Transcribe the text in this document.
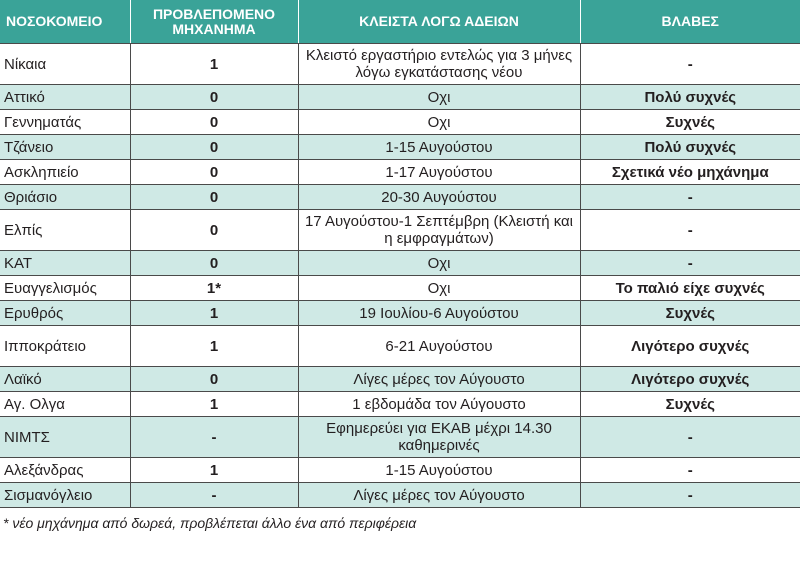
ΝΟΣΟΚΟΜΕΙΟ	ΠΡΟΒΛΕΠΟΜΕΝΟ ΜΗΧΑΝΗΜΑ	ΚΛΕΙΣΤΑ ΛΟΓΩ ΑΔΕΙΩΝ	ΒΛΑΒΕΣ
Νίκαια	1	Κλειστό εργαστήριο εντελώς για 3 μήνες λόγω εγκατάστασης νέου	-
Αττικό	0	Οχι	Πολύ συχνές
Γεννηματάς	0	Οχι	Συχνές
Τζάνειο	0	1-15 Αυγούστου	Πολύ συχνές
Ασκληπιείο	0	1-17 Αυγούστου	Σχετικά νέο μηχάνημα
Θριάσιο	0	20-30 Αυγούστου	-
Ελπίς	0	17 Αυγούστου-1 Σεπτέμβρη (Κλειστή και η εμφραγμάτων)	-
ΚΑΤ	0	Οχι	-
Ευαγγελισμός	1*	Οχι	Το παλιό είχε συχνές
Ερυθρός	1	19 Ιουλίου-6 Αυγούστου	Συχνές
Ιπποκράτειο	1	6-21 Αυγούστου	Λιγότερο συχνές
Λαϊκό	0	Λίγες μέρες τον Αύγουστο	Λιγότερο συχνές
Αγ. Ολγα	1	1 εβδομάδα τον Αύγουστο	Συχνές
ΝΙΜΤΣ	-	Εφημερεύει για ΕΚΑΒ μέχρι 14.30 καθημερινές	-
Αλεξάνδρας	1	1-15 Αυγούστου	-
Σισμανόγλειο	-	Λίγες μέρες τον Αύγουστο	-
* νέο μηχάνημα από δωρεά, προβλέπεται άλλο ένα από περιφέρεια
